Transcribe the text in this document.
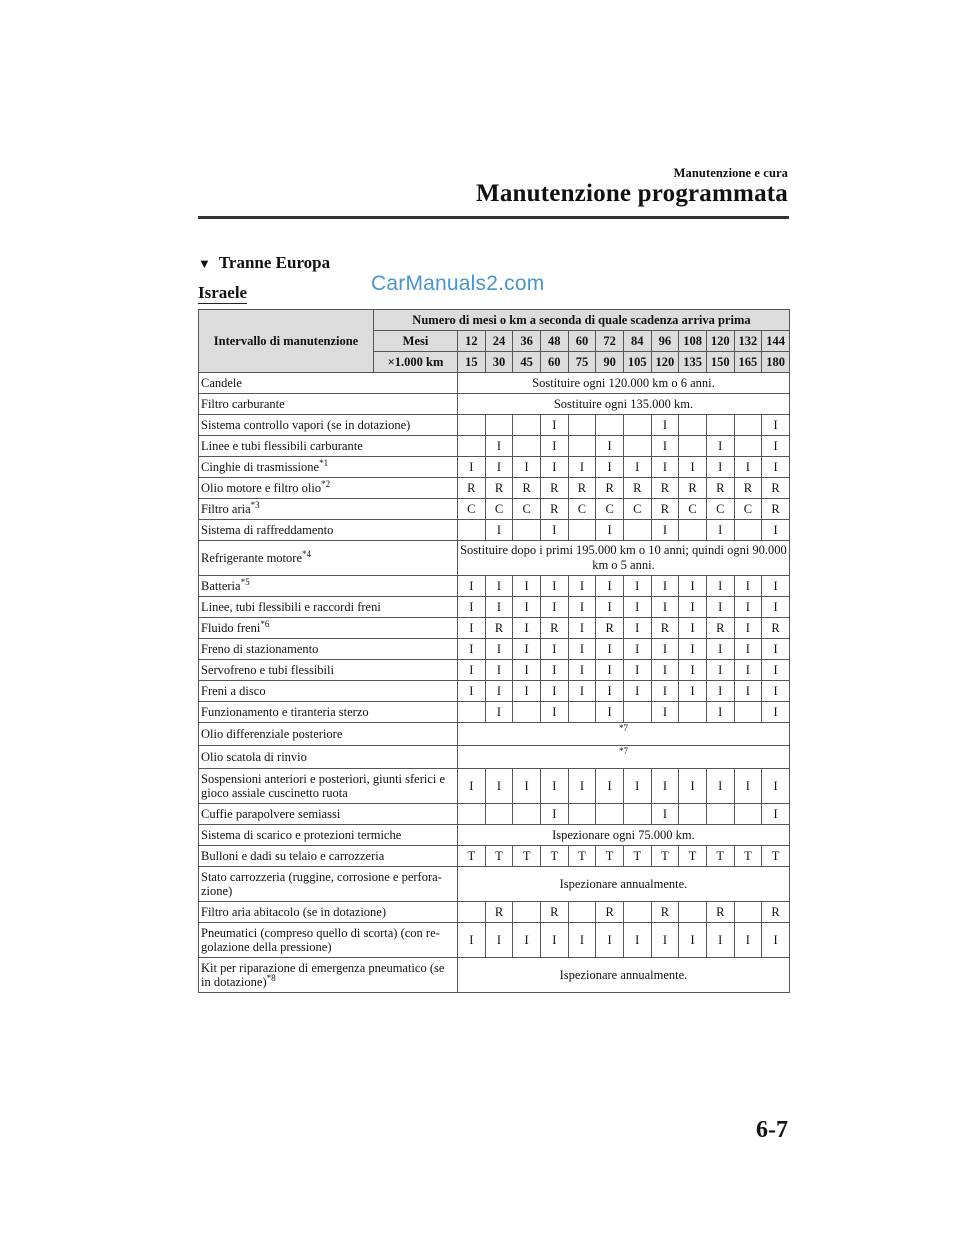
Manutenzione e cura
Manutenzione programmata
▼ Tranne Europa
Israele	CarManuals2.com
Intervallo di manutenzione	Numero di mesi o km a seconda di quale scadenza arriva prima												
	Mesi	12	24	36	48	60	72	84	96	108	120	132	144
	×1.000 km	15	30	45	60	75	90	105	120	135	150	165	180
Candele		Sostituire ogni 120.000 km o 6 anni.											
Filtro carburante		Sostituire ogni 135.000 km.											
Sistema controllo vapori (se in dotazione)					I				I				I
Linee e tubi flessibili carburante			I		I		I		I		I		I
Cinghie di trasmissione$^{*1}$		I	I	I	I	I	I	I	I	I	I	I	I
Olio motore e filtro olio$^{*2}$		R	R	R	R	R	R	R	R	R	R	R	R
Filtro aria$^{*3}$		C	C	C	R	C	C	C	R	C	C	C	R
Sistema di raffreddamento			I		I		I		I		I		I
Refrigerante motore$^{*4}$		Sostituire dopo i primi 195.000 km o 10 anni; quindi ogni 90.000 km o 5 anni.											
Batteria$^{*5}$		I	I	I	I	I	I	I	I	I	I	I	I
Linee, tubi flessibili e raccordi freni		I	I	I	I	I	I	I	I	I	I	I	I
Fluido freni$^{*6}$		I	R	I	R	I	R	I	R	I	R	I	R
Freno di stazionamento		I	I	I	I	I	I	I	I	I	I	I	I
Servofreno e tubi flessibili		I	I	I	I	I	I	I	I	I	I	I	I
Freni a disco		I	I	I	I	I	I	I	I	I	I	I	I
Funzionamento e tiranteria sterzo			I		I		I		I		I		I
Olio differenziale posteriore		$^{*7}$
Olio scatola di rinvio		$^{*7}$
Sospensioni anteriori e posteriori, giunti sferici e gioco assiale cuscinetto ruota		I	I	I	I	I	I	I	I	I	I	I	I
Cuffie parapolvere semiassi					I				I				I
Sistema di scarico e protezioni termiche		Ispezionare ogni 75.000 km.											
Bulloni e dadi su telaio e carrozzeria		T	T	T	T	T	T	T	T	T	T	T	T
Stato carrozzeria (ruggine, corrosione e perfora-zione)		Ispezionare annualmente.											
Filtro aria abitacolo (se in dotazione)			R		R		R		R		R		R
Pneumatici (compreso quello di scorta) (con re-golazione della pressione)		I	I	I	I	I	I	I	I	I	I	I	I
Kit per riparazione di emergenza pneumatico (se in dotazione)$^{*8}$		Ispezionare annualmente.											
6-7
